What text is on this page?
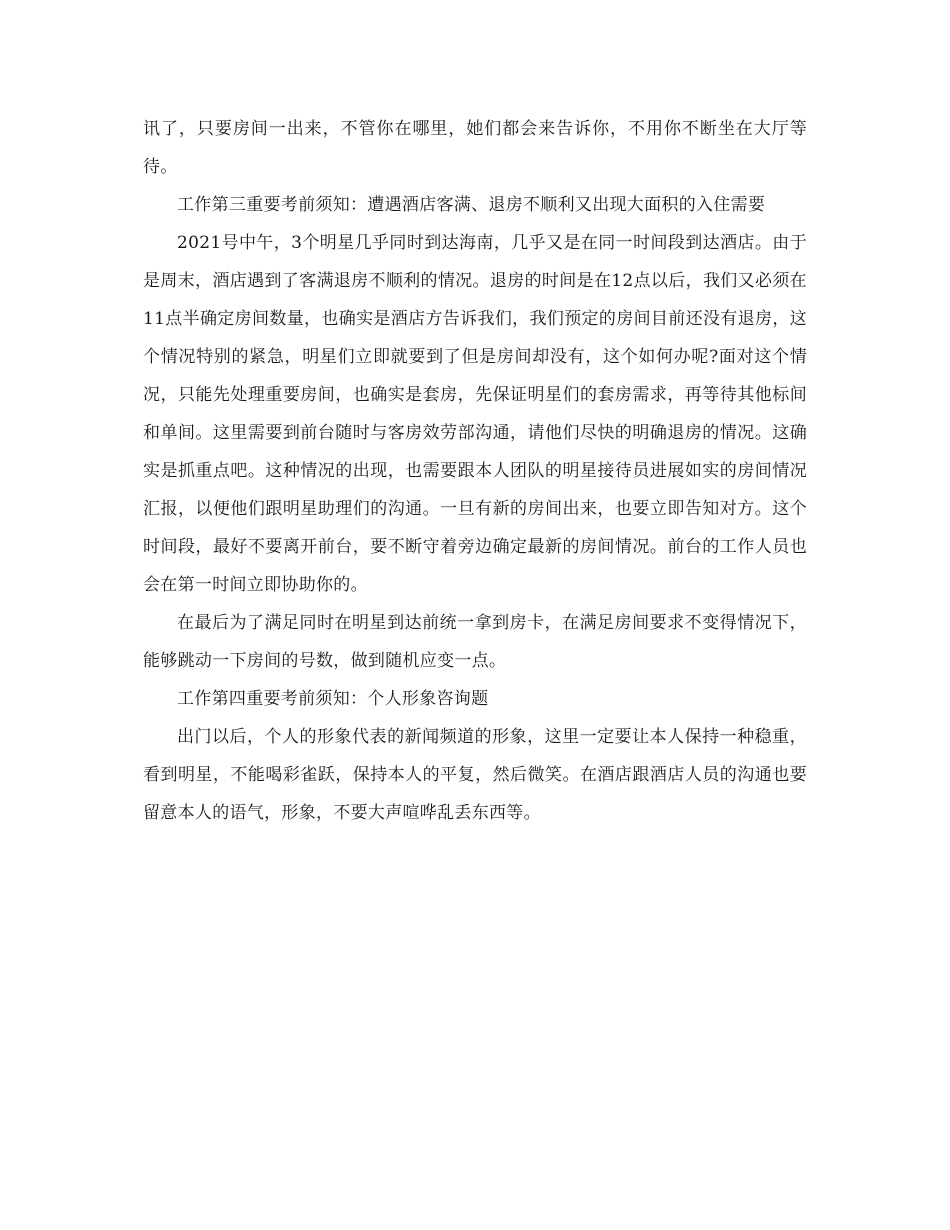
讯了，只要房间一出来，不管你在哪里，她们都会来告诉你，不用你不断坐在大厅等待。

工作第三重要考前须知：遭遇酒店客满、退房不顺利又出现大面积的入住需要

2021号中午，3个明星几乎同时到达海南，几乎又是在同一时间段到达酒店。由于是周末，酒店遇到了客满退房不顺利的情况。退房的时间是在12点以后，我们又必须在11点半确定房间数量，也确实是酒店方告诉我们，我们预定的房间目前还没有退房，这个情况特别的紧急，明星们立即就要到了但是房间却没有，这个如何办呢?面对这个情况，只能先处理重要房间，也确实是套房，先保证明星们的套房需求，再等待其他标间和单间。这里需要到前台随时与客房效劳部沟通，请他们尽快的明确退房的情况。这确实是抓重点吧。这种情况的出现，也需要跟本人团队的明星接待员进展如实的房间情况汇报，以便他们跟明星助理们的沟通。一旦有新的房间出来，也要立即告知对方。这个时间段，最好不要离开前台，要不断守着旁边确定最新的房间情况。前台的工作人员也会在第一时间立即协助你的。

在最后为了满足同时在明星到达前统一拿到房卡，在满足房间要求不变得情况下，能够跳动一下房间的号数，做到随机应变一点。

工作第四重要考前须知：个人形象咨询题

出门以后，个人的形象代表的新闻频道的形象，这里一定要让本人保持一种稳重，看到明星，不能喝彩雀跃，保持本人的平复，然后微笑。在酒店跟酒店人员的沟通也要留意本人的语气，形象，不要大声喧哗乱丢东西等。
